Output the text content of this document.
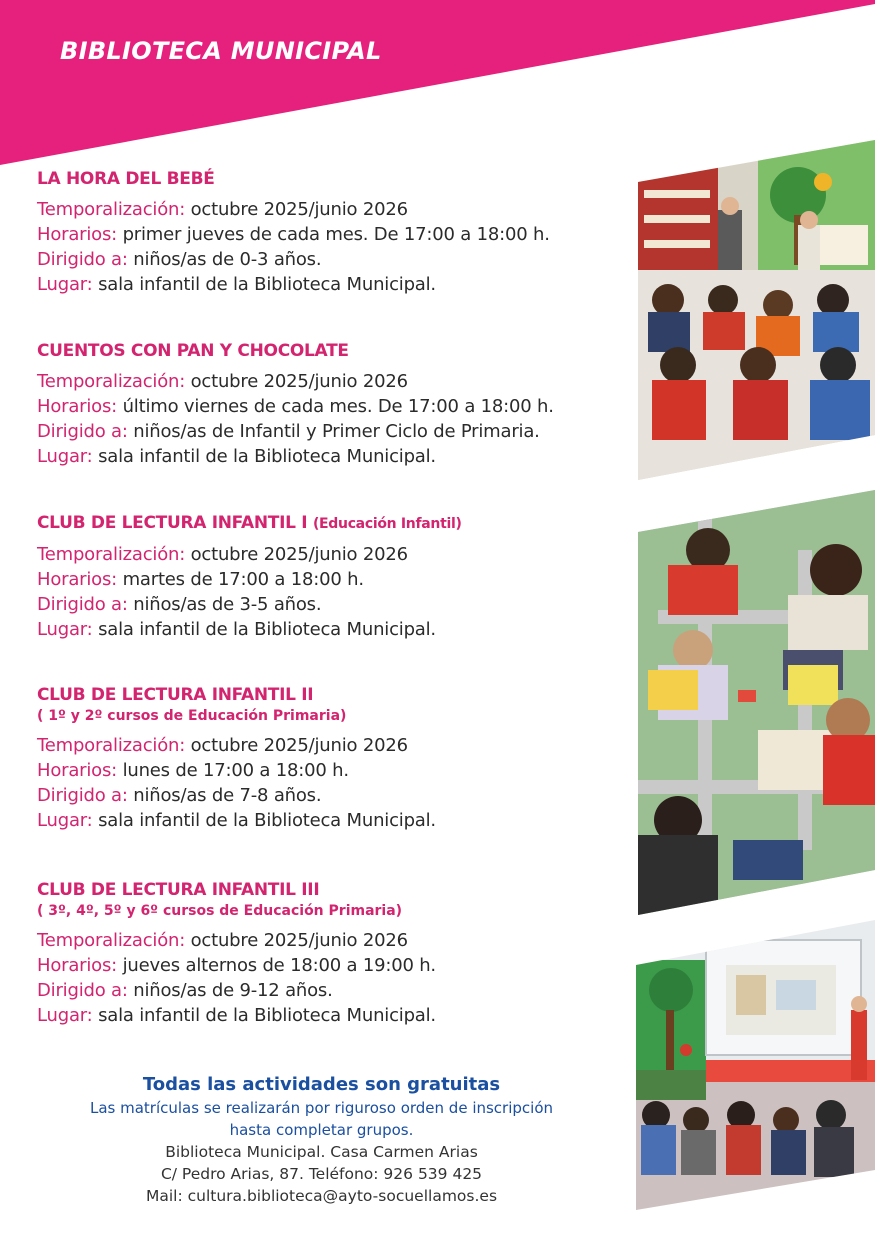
BIBLIOTECA MUNICIPAL
LA HORA DEL BEBÉ
Temporalización: octubre 2025/junio 2026
Horarios: primer jueves de cada mes. De 17:00 a 18:00 h.
Dirigido a: niños/as de 0-3 años.
Lugar: sala infantil de la Biblioteca Municipal.
CUENTOS CON PAN Y CHOCOLATE
Temporalización: octubre 2025/junio 2026
Horarios: último viernes de cada mes. De 17:00 a 18:00 h.
Dirigido a: niños/as de Infantil y Primer Ciclo de Primaria.
Lugar: sala infantil de la Biblioteca Municipal.
CLUB DE LECTURA INFANTIL I (Educación Infantil)
Temporalización: octubre 2025/junio 2026
Horarios: martes de 17:00 a 18:00 h.
Dirigido a: niños/as de 3-5 años.
Lugar: sala infantil de la Biblioteca Municipal.
CLUB DE LECTURA INFANTIL II
( 1º y 2º cursos de Educación Primaria)
Temporalización: octubre 2025/junio 2026
Horarios: lunes de 17:00 a 18:00 h.
Dirigido a: niños/as de 7-8 años.
Lugar: sala infantil de la Biblioteca Municipal.
CLUB DE LECTURA INFANTIL III
( 3º, 4º, 5º y 6º cursos de Educación Primaria)
Temporalización: octubre 2025/junio 2026
Horarios: jueves alternos de 18:00 a 19:00 h.
Dirigido a: niños/as de 9-12 años.
Lugar: sala infantil de la Biblioteca Municipal.
Todas las actividades son gratuitas
Las matrículas se realizarán por riguroso orden de inscripción
hasta completar grupos.
Biblioteca Municipal. Casa Carmen Arias
C/ Pedro Arias, 87. Teléfono: 926 539 425
Mail: cultura.biblioteca@ayto-socuellamos.es
